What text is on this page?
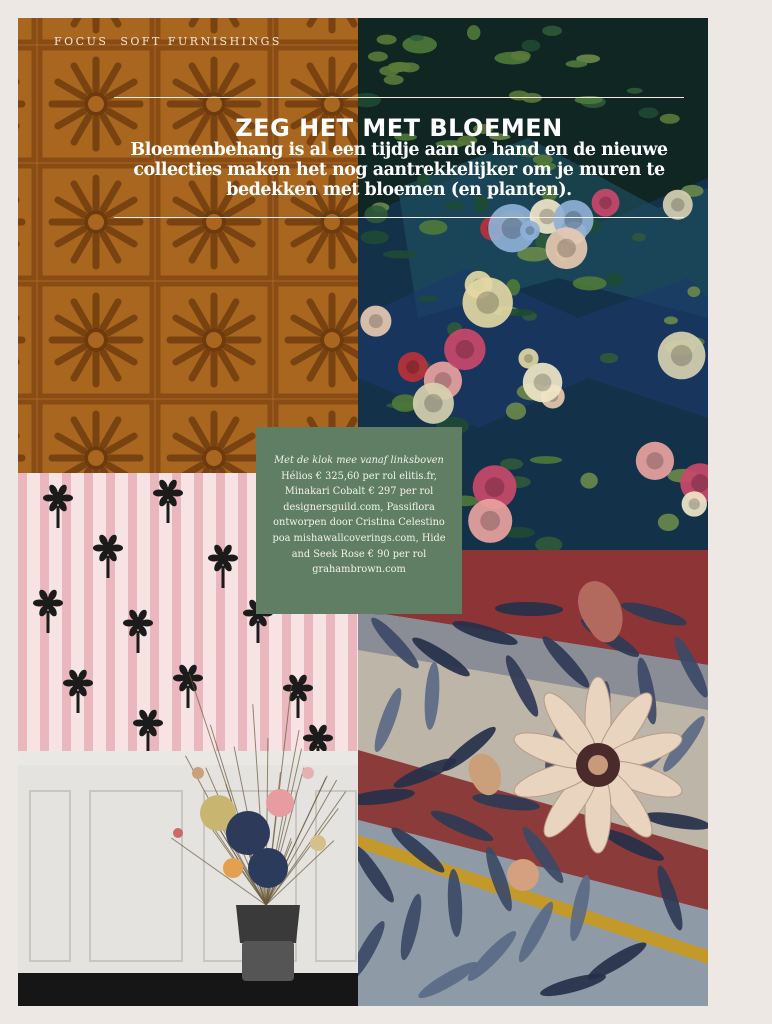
FOCUS SOFT FURNISHINGS
ZEG HET MET BLOEMEN
Bloemenbehang is al een tijdje aan de hand en de nieuwe collecties maken het nog aantrekkelijker om je muren te bedekken met bloemen (en planten).
Met de klok mee vanaf linksboven Hélios € 325,60 per rol elitis.fr, Minakari Cobalt € 297 per rol designersguild.com, Passiflora ontworpen door Cristina Celestino poa mishawallcoverings.com, Hide and Seek Rose € 90 per rol grahambrown.com
